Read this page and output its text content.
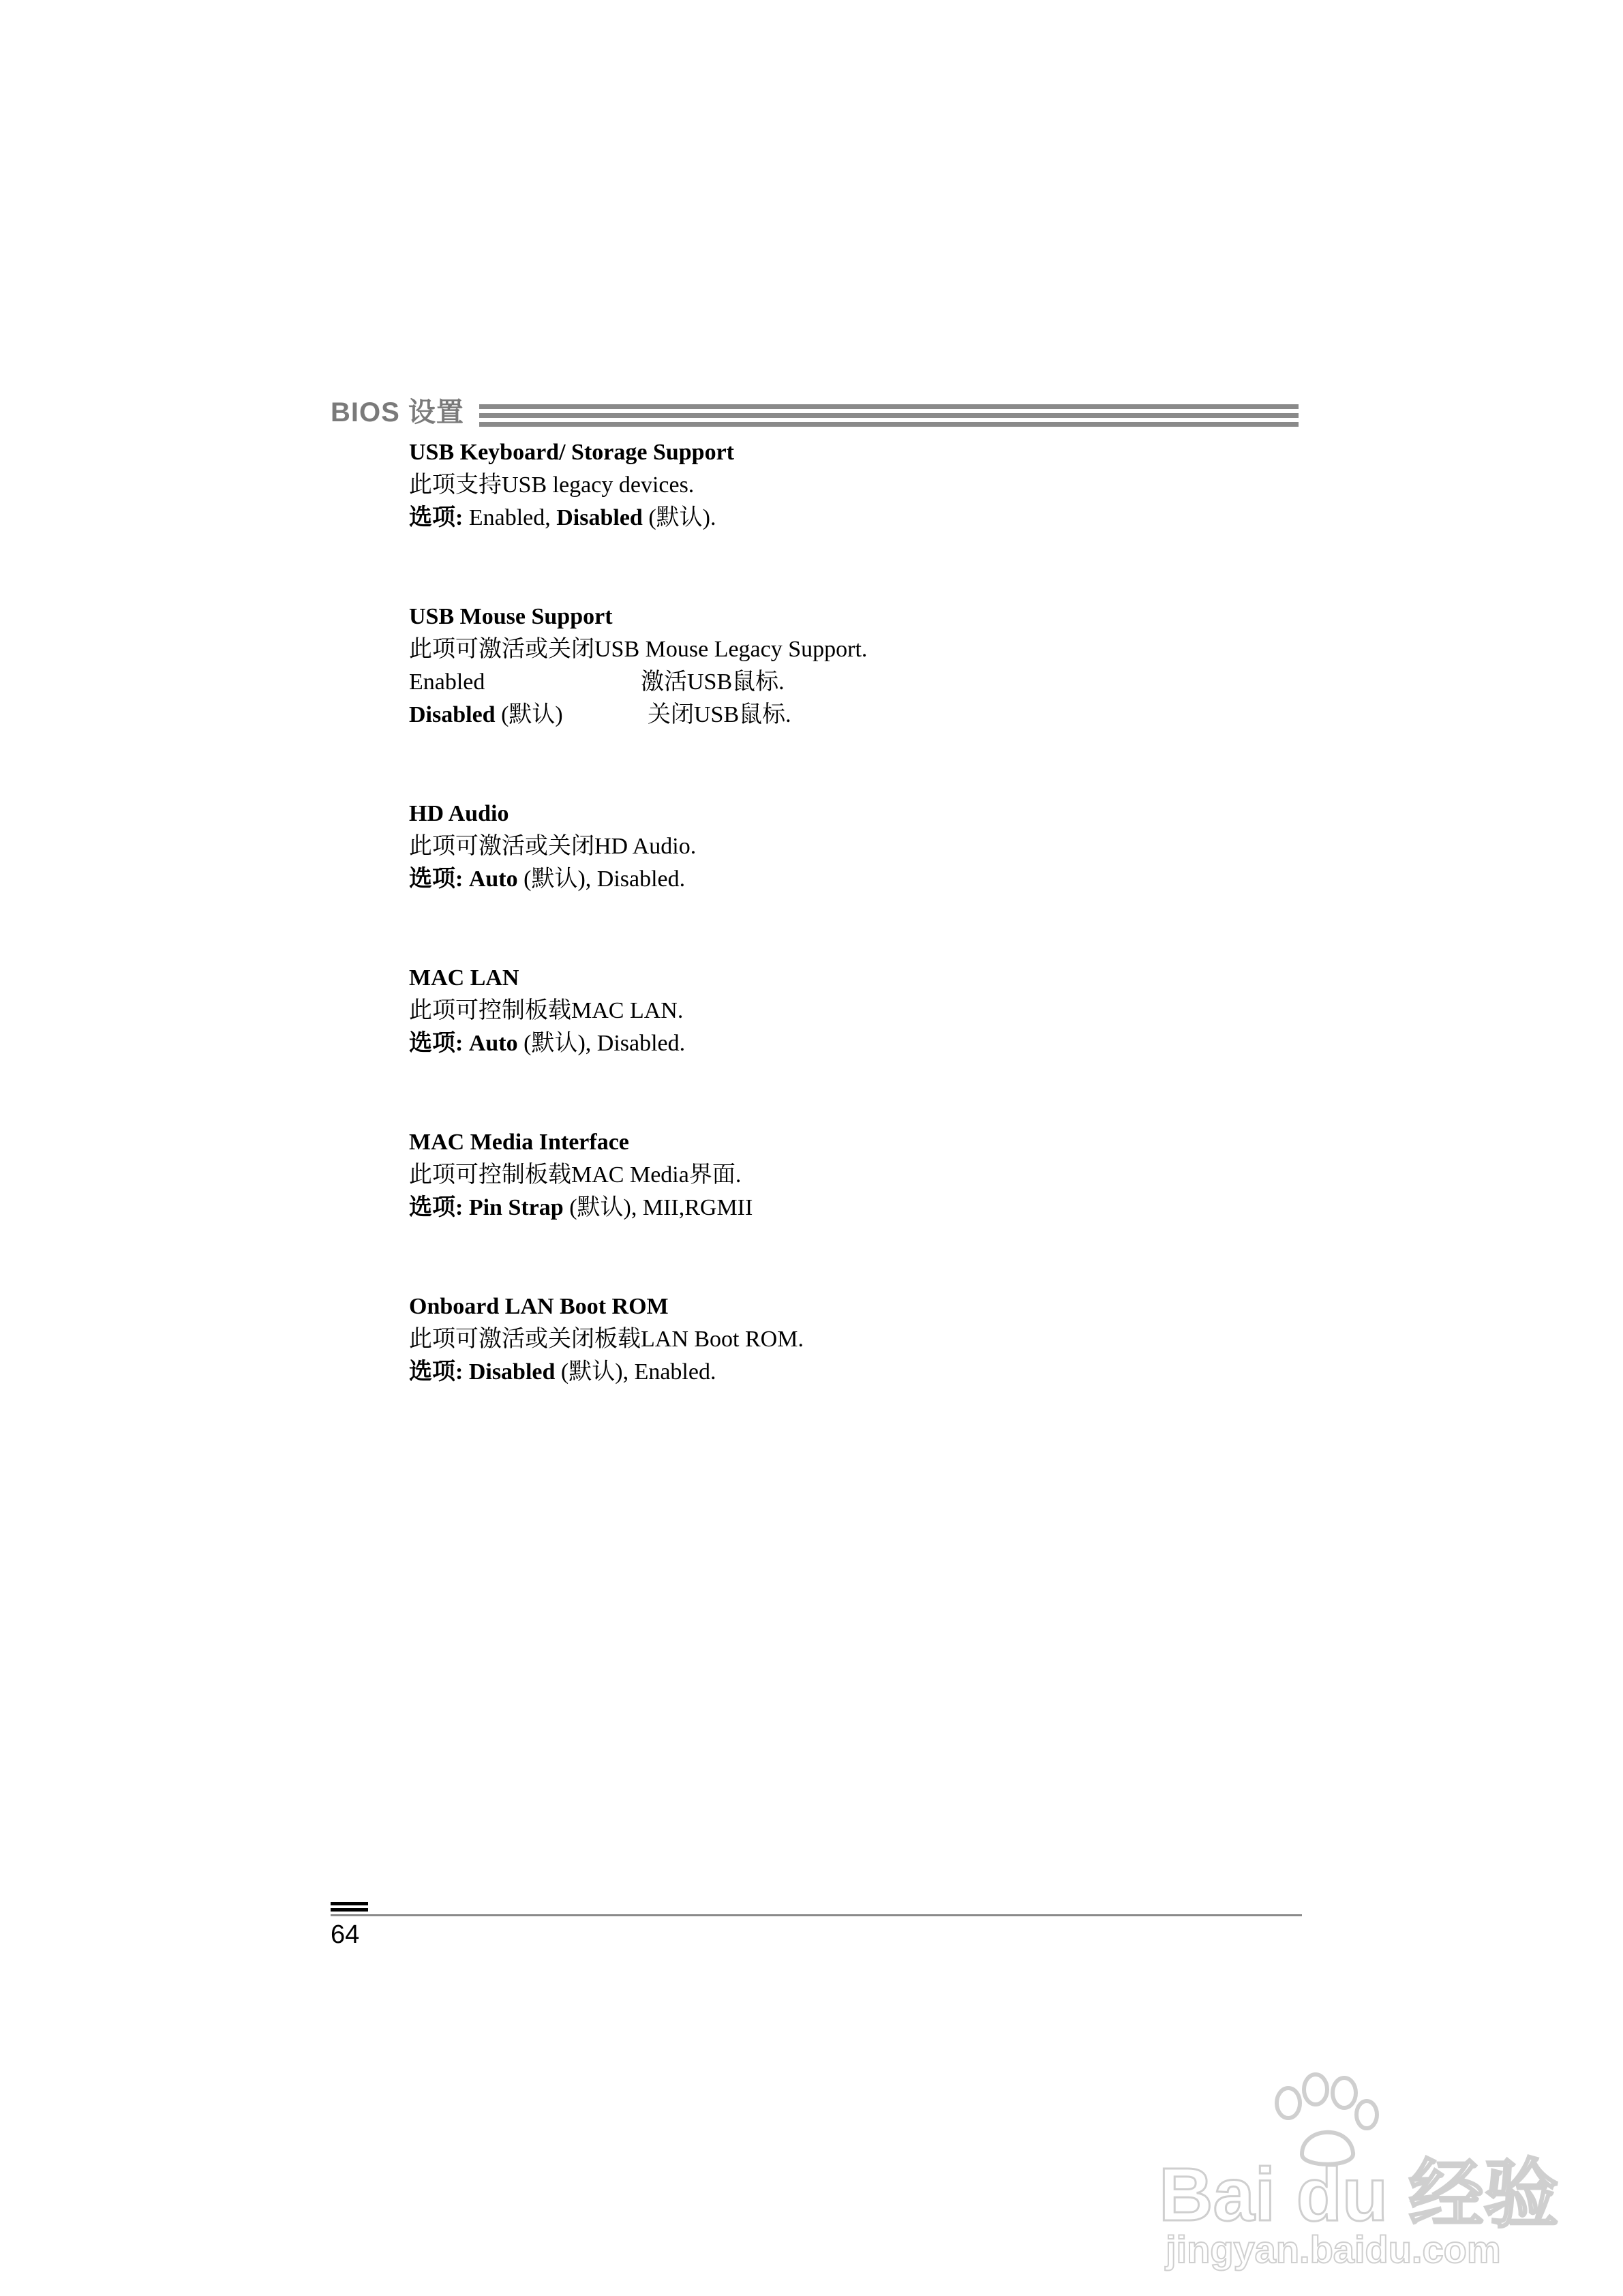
BIOS 设置
USB Keyboard/ Storage Support
此项支持USB legacy devices.
选项: Enabled, Disabled (默认).
USB Mouse Support
此项可激活或关闭USB Mouse Legacy Support.
Enabled	激活USB鼠标.
Disabled (默认)	关闭USB鼠标.
HD Audio
此项可激活或关闭HD Audio.
选项: Auto (默认), Disabled.
MAC LAN
此项可控制板载MAC LAN.
选项: Auto (默认), Disabled.
MAC Media Interface
此项可控制板载MAC Media界面.
选项: Pin Strap (默认), MII,RGMII
Onboard LAN Boot ROM
此项可激活或关闭板载LAN Boot ROM.
选项: Disabled (默认), Enabled.
64
Bai du 经验
jingyan.baidu.com
